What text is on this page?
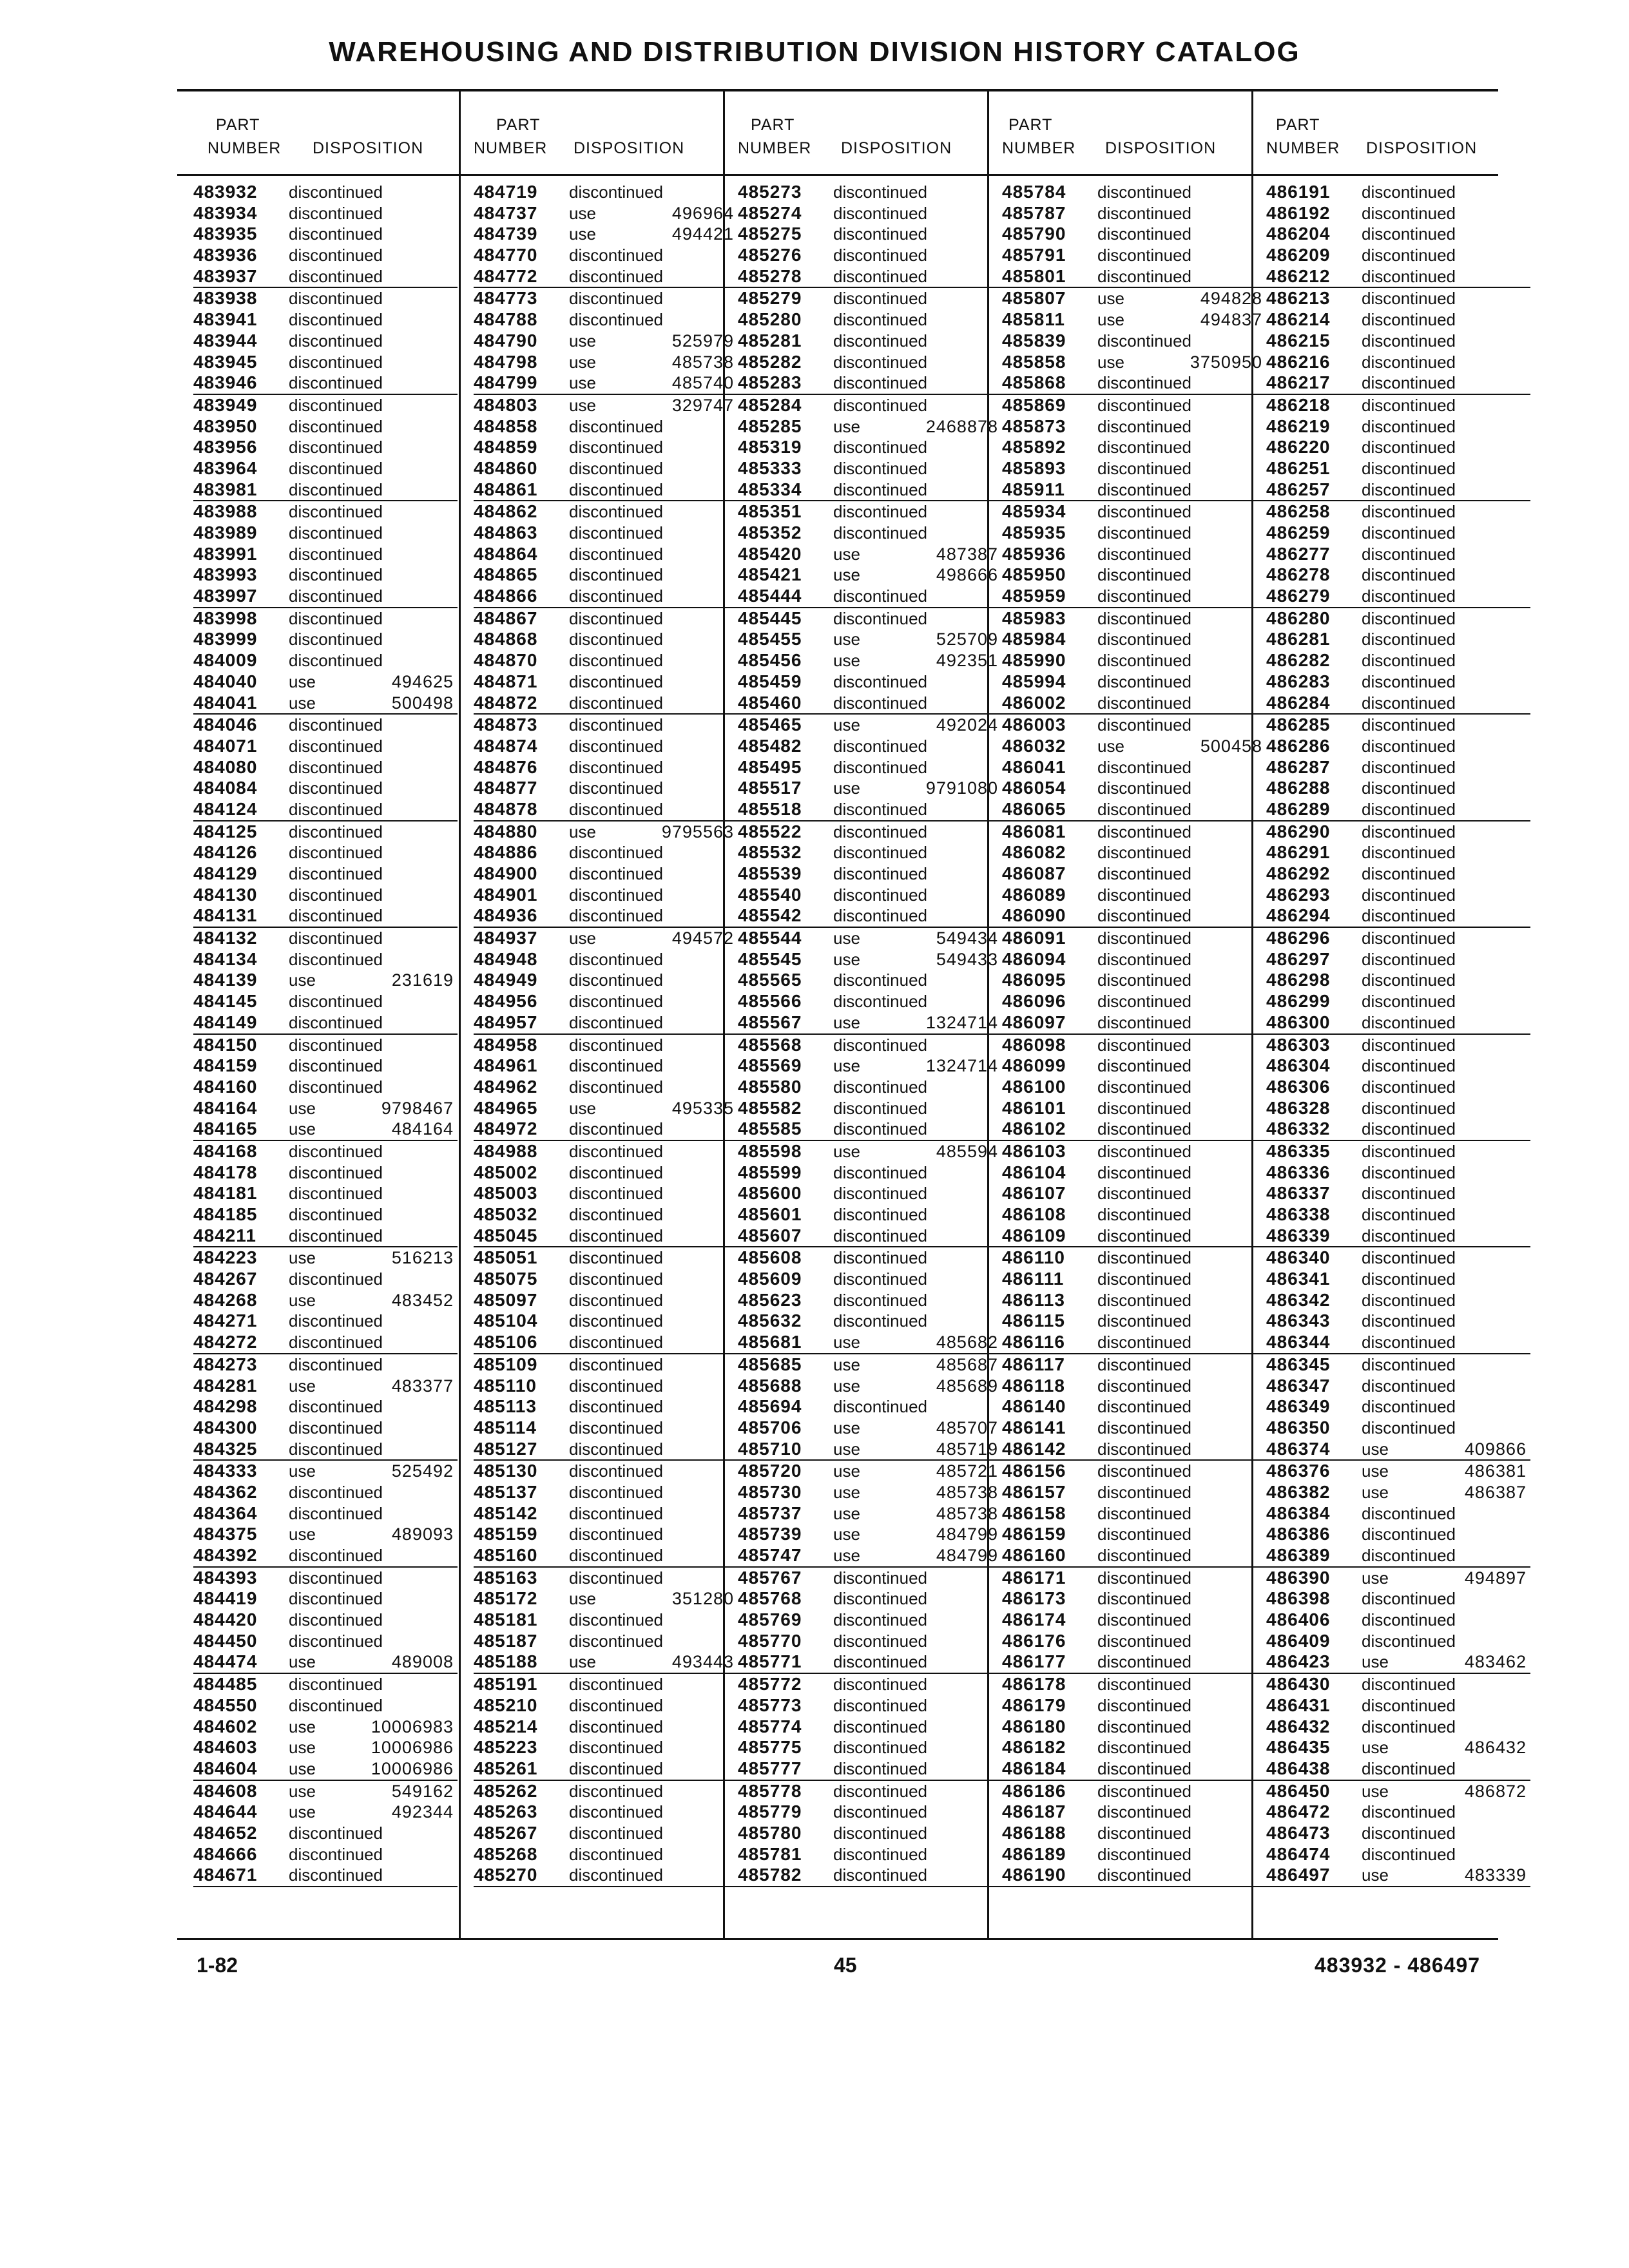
WAREHOUSING AND DISTRIBUTION DIVISION HISTORY CATALOG
PART
NUMBER DISPOSITION
483932 discontinued
483934 discontinued
483935 discontinued
483936 discontinued
483937 discontinued
483938 discontinued
483941 discontinued
483944 discontinued
483945 discontinued
483946 discontinued
483949 discontinued
483950 discontinued
483956 discontinued
483964 discontinued
483981 discontinued
483988 discontinued
483989 discontinued
483991 discontinued
483993 discontinued
483997 discontinued
483998 discontinued
483999 discontinued
484009 discontinued
484040 use	494625
484041 use	500498
484046 discontinued
484071 discontinued
484080 discontinued
484084 discontinued
484124 discontinued
484125 discontinued
484126 discontinued
484129 discontinued
484130 discontinued
484131 discontinued
484132 discontinued
484134 discontinued
484139 use	231619
484145 discontinued
484149 discontinued
484150 discontinued
484159 discontinued
484160 discontinued
484164 use	9798467
484165 use	484164
484168 discontinued
484178 discontinued
484181 discontinued
484185 discontinued
484211 discontinued
484223 use	516213
484267 discontinued
484268 use	483452
484271 discontinued
484272 discontinued
484273 discontinued
484281 use	483377
484298 discontinued
484300 discontinued
484325 discontinued
484333 use	525492
484362 discontinued
484364 discontinued
484375 use	489093
484392 discontinued
484393 discontinued
484419 discontinued
484420 discontinued
484450 discontinued
484474 use	489008
484485 discontinued
484550 discontinued
484602 use	10006983
484603 use	10006986
484604 use	10006986
484608 use	549162
484644 use	492344
484652 discontinued
484666 discontinued
484671 discontinued
PART
NUMBER DISPOSITION
484719 discontinued
484737 use	496964
484739 use	494421
484770 discontinued
484772 discontinued
484773 discontinued
484788 discontinued
484790 use	525979
484798 use	485738
484799 use	485740
484803 use	329747
484858 discontinued
484859 discontinued
484860 discontinued
484861 discontinued
484862 discontinued
484863 discontinued
484864 discontinued
484865 discontinued
484866 discontinued
484867 discontinued
484868 discontinued
484870 discontinued
484871 discontinued
484872 discontinued
484873 discontinued
484874 discontinued
484876 discontinued
484877 discontinued
484878 discontinued
484880 use	9795563
484886 discontinued
484900 discontinued
484901 discontinued
484936 discontinued
484937 use	494572
484948 discontinued
484949 discontinued
484956 discontinued
484957 discontinued
484958 discontinued
484961 discontinued
484962 discontinued
484965 use	495335
484972 discontinued
484988 discontinued
485002 discontinued
485003 discontinued
485032 discontinued
485045 discontinued
485051 discontinued
485075 discontinued
485097 discontinued
485104 discontinued
485106 discontinued
485109 discontinued
485110 discontinued
485113 discontinued
485114 discontinued
485127 discontinued
485130 discontinued
485137 discontinued
485142 discontinued
485159 discontinued
485160 discontinued
485163 discontinued
485172 use	351280
485181 discontinued
485187 discontinued
485188 use	493443
485191 discontinued
485210 discontinued
485214 discontinued
485223 discontinued
485261 discontinued
485262 discontinued
485263 discontinued
485267 discontinued
485268 discontinued
485270 discontinued
PART
NUMBER DISPOSITION
485273 discontinued
485274 discontinued
485275 discontinued
485276 discontinued
485278 discontinued
485279 discontinued
485280 discontinued
485281 discontinued
485282 discontinued
485283 discontinued
485284 discontinued
485285 use	2468878
485319 discontinued
485333 discontinued
485334 discontinued
485351 discontinued
485352 discontinued
485420 use	487387
485421 use	498666
485444 discontinued
485445 discontinued
485455 use	525709
485456 use	492351
485459 discontinued
485460 discontinued
485465 use	492024
485482 discontinued
485495 discontinued
485517 use	9791080
485518 discontinued
485522 discontinued
485532 discontinued
485539 discontinued
485540 discontinued
485542 discontinued
485544 use	549434
485545 use	549433
485565 discontinued
485566 discontinued
485567 use	1324714
485568 discontinued
485569 use	1324714
485580 discontinued
485582 discontinued
485585 discontinued
485598 use	485594
485599 discontinued
485600 discontinued
485601 discontinued
485607 discontinued
485608 discontinued
485609 discontinued
485623 discontinued
485632 discontinued
485681 use	485682
485685 use	485687
485688 use	485689
485694 discontinued
485706 use	485707
485710 use	485719
485720 use	485721
485730 use	485738
485737 use	485738
485739 use	484799
485747 use	484799
485767 discontinued
485768 discontinued
485769 discontinued
485770 discontinued
485771 discontinued
485772 discontinued
485773 discontinued
485774 discontinued
485775 discontinued
485777 discontinued
485778 discontinued
485779 discontinued
485780 discontinued
485781 discontinued
485782 discontinued
PART
NUMBER DISPOSITION
485784 discontinued
485787 discontinued
485790 discontinued
485791 discontinued
485801 discontinued
485807 use	494828
485811 use	494837
485839 discontinued
485858 use	3750950
485868 discontinued
485869 discontinued
485873 discontinued
485892 discontinued
485893 discontinued
485911 discontinued
485934 discontinued
485935 discontinued
485936 discontinued
485950 discontinued
485959 discontinued
485983 discontinued
485984 discontinued
485990 discontinued
485994 discontinued
486002 discontinued
486003 discontinued
486032 use	500458
486041 discontinued
486054 discontinued
486065 discontinued
486081 discontinued
486082 discontinued
486087 discontinued
486089 discontinued
486090 discontinued
486091 discontinued
486094 discontinued
486095 discontinued
486096 discontinued
486097 discontinued
486098 discontinued
486099 discontinued
486100 discontinued
486101 discontinued
486102 discontinued
486103 discontinued
486104 discontinued
486107 discontinued
486108 discontinued
486109 discontinued
486110 discontinued
486111 discontinued
486113 discontinued
486115 discontinued
486116 discontinued
486117 discontinued
486118 discontinued
486140 discontinued
486141 discontinued
486142 discontinued
486156 discontinued
486157 discontinued
486158 discontinued
486159 discontinued
486160 discontinued
486171 discontinued
486173 discontinued
486174 discontinued
486176 discontinued
486177 discontinued
486178 discontinued
486179 discontinued
486180 discontinued
486182 discontinued
486184 discontinued
486186 discontinued
486187 discontinued
486188 discontinued
486189 discontinued
486190 discontinued
PART
NUMBER DISPOSITION
486191 discontinued
486192 discontinued
486204 discontinued
486209 discontinued
486212 discontinued
486213 discontinued
486214 discontinued
486215 discontinued
486216 discontinued
486217 discontinued
486218 discontinued
486219 discontinued
486220 discontinued
486251 discontinued
486257 discontinued
486258 discontinued
486259 discontinued
486277 discontinued
486278 discontinued
486279 discontinued
486280 discontinued
486281 discontinued
486282 discontinued
486283 discontinued
486284 discontinued
486285 discontinued
486286 discontinued
486287 discontinued
486288 discontinued
486289 discontinued
486290 discontinued
486291 discontinued
486292 discontinued
486293 discontinued
486294 discontinued
486296 discontinued
486297 discontinued
486298 discontinued
486299 discontinued
486300 discontinued
486303 discontinued
486304 discontinued
486306 discontinued
486328 discontinued
486332 discontinued
486335 discontinued
486336 discontinued
486337 discontinued
486338 discontinued
486339 discontinued
486340 discontinued
486341 discontinued
486342 discontinued
486343 discontinued
486344 discontinued
486345 discontinued
486347 discontinued
486349 discontinued
486350 discontinued
486374 use	409866
486376 use	486381
486382 use	486387
486384 discontinued
486386 discontinued
486389 discontinued
486390 use	494897
486398 discontinued
486406 discontinued
486409 discontinued
486423 use	483462
486430 discontinued
486431 discontinued
486432 discontinued
486435 use	486432
486438 discontinued
486450 use	486872
486472 discontinued
486473 discontinued
486474 discontinued
486497 use	483339
1-82	45	483932 - 486497
